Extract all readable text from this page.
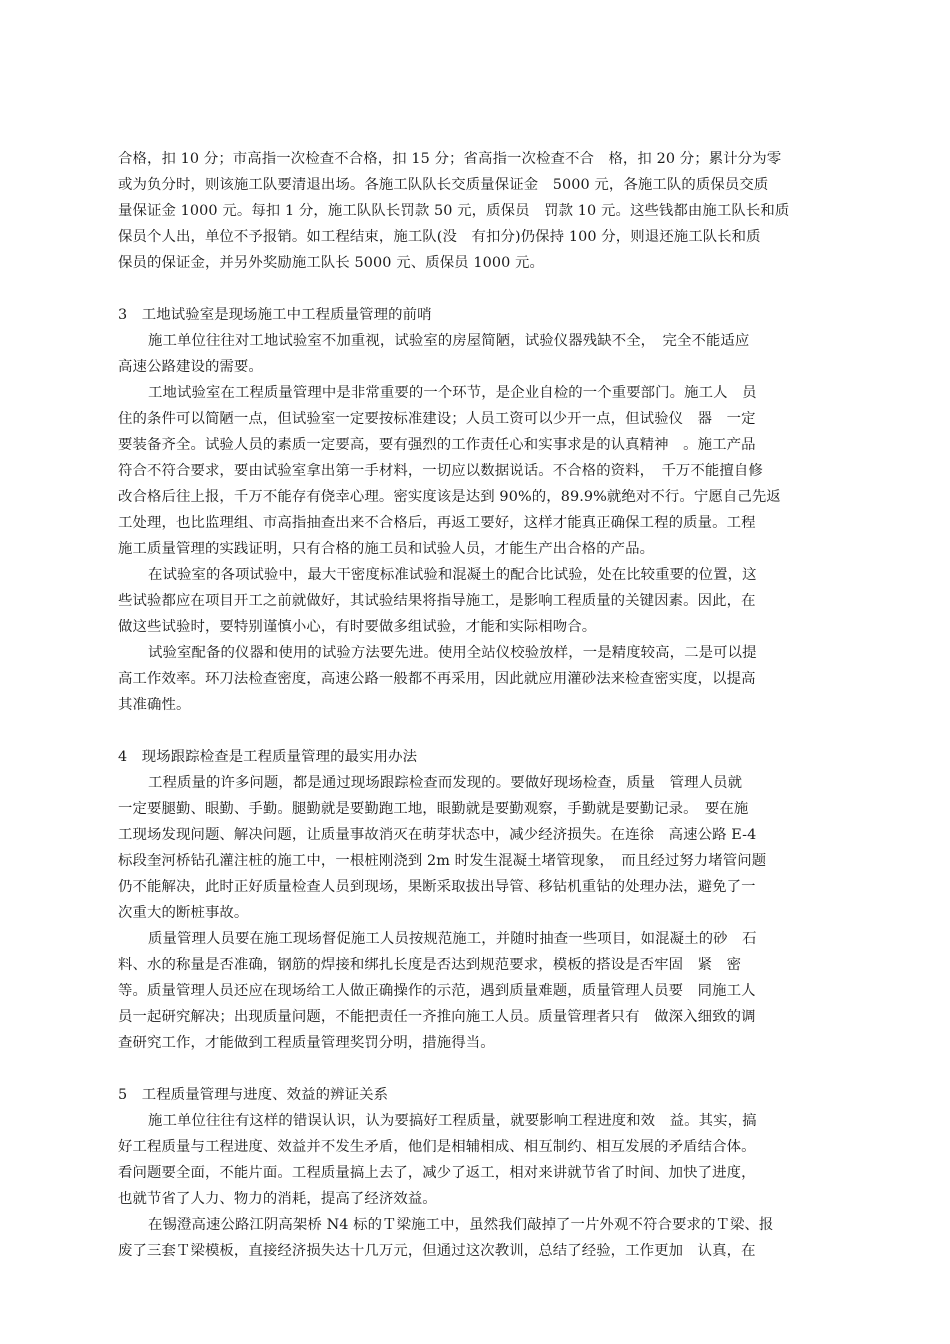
合格，扣 10 分；市高指一次检查不合格，扣 15 分；省高指一次检查不合　格，扣 20 分；累计分为零
或为负分时，则该施工队要清退出场。各施工队队长交质量保证金　5000 元，各施工队的质保员交质
量保证金 1000 元。每扣 1 分，施工队队长罚款 50 元，质保员　罚款 10 元。这些钱都由施工队长和质
保员个人出，单位不予报销。如工程结束，施工队(没　有扣分)仍保持 100 分，则退还施工队长和质
保员的保证金，并另外奖励施工队长 5000 元、质保员 1000 元。
3　工地试验室是现场施工中工程质量管理的前哨
施工单位往往对工地试验室不加重视，试验室的房屋简陋，试验仪器残缺不全，　完全不能适应
高速公路建设的需要。
工地试验室在工程质量管理中是非常重要的一个环节，是企业自检的一个重要部门。施工人　员
住的条件可以简陋一点，但试验室一定要按标准建设；人员工资可以少开一点，但试验仪　器　一定
要装备齐全。试验人员的素质一定要高，要有强烈的工作责任心和实事求是的认真精神　。施工产品
符合不符合要求，要由试验室拿出第一手材料，一切应以数据说话。不合格的资料，　千万不能擅自修
改合格后往上报，千万不能存有侥幸心理。密实度该是达到 90%的，89.9%就绝对不行。宁愿自己先返
工处理，也比监理组、市高指抽查出来不合格后，再返工要好，这样才能真正确保工程的质量。工程
施工质量管理的实践证明，只有合格的施工员和试验人员，才能生产出合格的产品。
在试验室的各项试验中，最大干密度标准试验和混凝土的配合比试验，处在比较重要的位置，这
些试验都应在项目开工之前就做好，其试验结果将指导施工，是影响工程质量的关键因素。因此，在
做这些试验时，要特别谨慎小心，有时要做多组试验，才能和实际相吻合。
试验室配备的仪器和使用的试验方法要先进。使用全站仪校验放样，一是精度较高，二是可以提
高工作效率。环刀法检查密度，高速公路一般都不再采用，因此就应用灌砂法来检查密实度，以提高
其准确性。
4　现场跟踪检查是工程质量管理的最实用办法
工程质量的许多问题，都是通过现场跟踪检查而发现的。要做好现场检查，质量　管理人员就
一定要腿勤、眼勤、手勤。腿勤就是要勤跑工地，眼勤就是要勤观察，手勤就是要勤记录。　要在施
工现场发现问题、解决问题，让质量事故消灭在萌芽状态中，减少经济损失。在连徐　高速公路 E-4
标段奎河桥钻孔灌注桩的施工中，一根桩刚浇到 2m 时发生混凝土堵管现象，　而且经过努力堵管问题
仍不能解决，此时正好质量检查人员到现场，果断采取拔出导管、移钻机重钻的处理办法，避免了一
次重大的断桩事故。
质量管理人员要在施工现场督促施工人员按规范施工，并随时抽查一些项目，如混凝土的砂　石
料、水的称量是否准确，钢筋的焊接和绑扎长度是否达到规范要求，模板的搭设是否牢固　紧　密
等。质量管理人员还应在现场给工人做正确操作的示范，遇到质量难题，质量管理人员要　同施工人
员一起研究解决；出现质量问题，不能把责任一齐推向施工人员。质量管理者只有　做深入细致的调
查研究工作，才能做到工程质量管理奖罚分明，措施得当。
5　工程质量管理与进度、效益的辨证关系
施工单位往往有这样的错误认识，认为要搞好工程质量，就要影响工程进度和效　益。其实，搞
好工程质量与工程进度、效益并不发生矛盾，他们是相辅相成、相互制约、相互发展的矛盾结合体。
看问题要全面，不能片面。工程质量搞上去了，减少了返工，相对来讲就节省了时间、加快了进度，
也就节省了人力、物力的消耗，提高了经济效益。
在锡澄高速公路江阴高架桥 N4 标的Ｔ梁施工中，虽然我们敲掉了一片外观不符合要求的Ｔ梁、报
废了三套Ｔ梁模板，直接经济损失达十几万元，但通过这次教训，总结了经验，工作更加　认真，在
